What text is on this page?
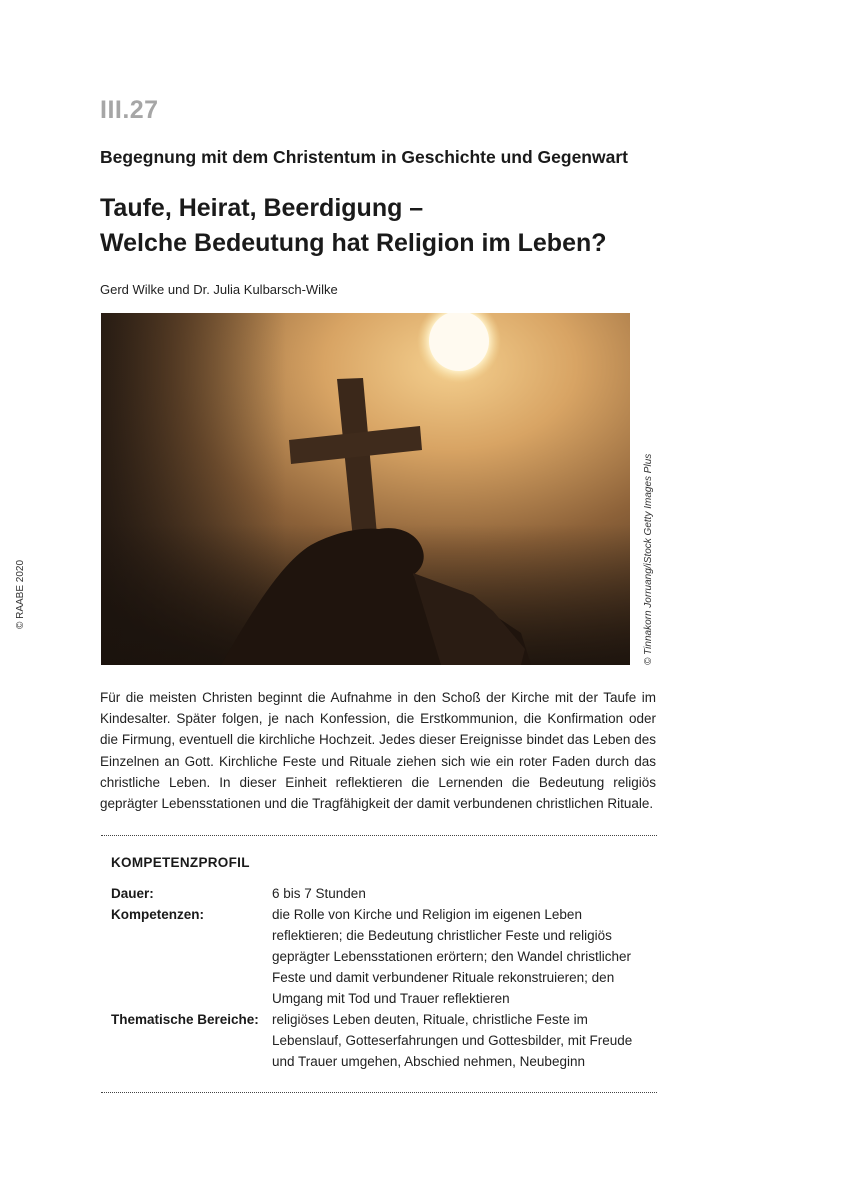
© RAABE 2020
III.27
Begegnung mit dem Christentum in Geschichte und Gegenwart
Taufe, Heirat, Beerdigung –
Welche Bedeutung hat Religion im Leben?
Gerd Wilke und Dr. Julia Kulbarsch-Wilke
© Tinnakorn Jorruang/iStock Getty Images Plus

Für die meisten Christen beginnt die Aufnahme in den Schoß der Kirche mit der Taufe im Kindesalter. Später folgen, je nach Konfession, die Erstkommunion, die Konfirmation oder die Firmung, eventuell die kirchliche Hochzeit. Jedes dieser Ereignisse bindet das Leben des Einzelnen an Gott. Kirchliche Feste und Rituale ziehen sich wie ein roter Faden durch das christliche Leben. In dieser Einheit reflektieren die Lernenden die Bedeutung religiös geprägter Lebensstationen und die Tragfähigkeit der damit verbundenen christlichen Rituale.

KOMPETENZPROFIL
Dauer:	6 bis 7 Stunden
Kompetenzen:	die Rolle von Kirche und Religion im eigenen Leben reflektieren; die Bedeutung christlicher Feste und religiös geprägter Lebensstationen erörtern; den Wandel christlicher Feste und damit verbundener Rituale rekonstruieren; den Umgang mit Tod und Trauer reflektieren
Thematische Bereiche: religiöses Leben deuten, Rituale, christliche Feste im Lebenslauf, Gotteserfahrungen und Gottesbilder, mit Freude und Trauer umgehen, Abschied nehmen, Neubeginn
